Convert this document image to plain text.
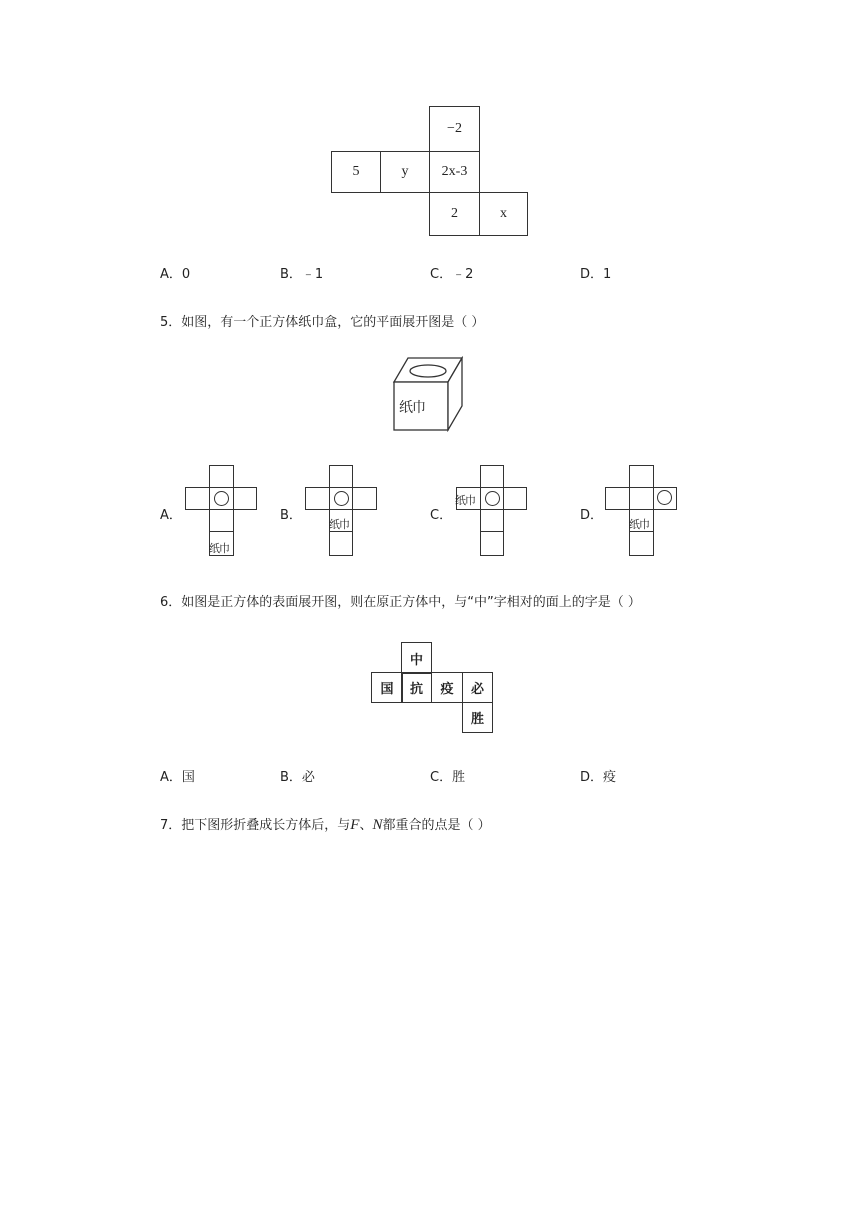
−2
5	y	2x-3
2	x
A．0	B．﹣1	C．﹣2	D．1
5．如图，有一个正方体纸巾盒，它的平面展开图是（ ）
纸巾
A．
纸巾
B．
纸巾
C．
纸巾
D．
纸巾
6．如图是正方体的表面展开图，则在原正方体中，与“中”字相对的面上的字是（ ）
中
国	抗	疫	必
胜
A．国	B．必	C．胜	D．疫
7．把下图形折叠成长方体后，与F、N都重合的点是（ ）
